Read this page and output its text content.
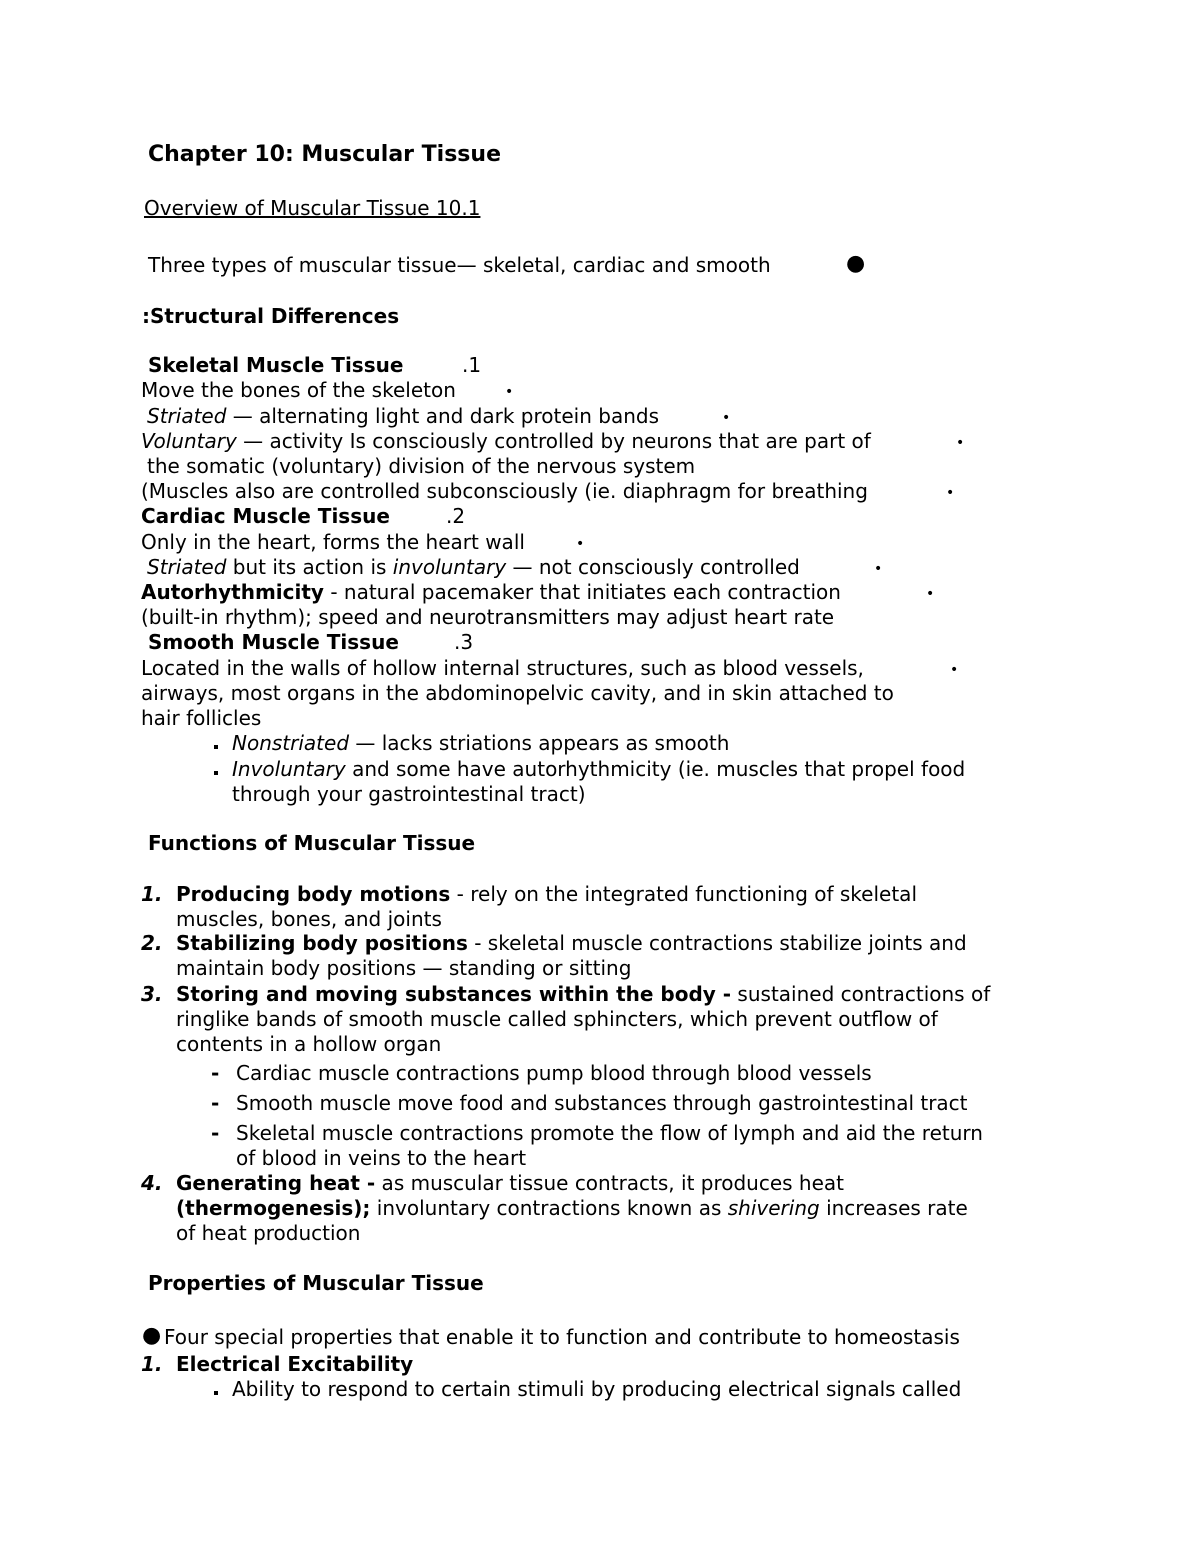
Chapter 10: Muscular Tissue
Overview of Muscular Tissue 10.1
Three types of muscular tissue— skeletal, cardiac and smooth	●
:Structural Differences
Skeletal Muscle Tissue	.1
Move the bones of the skeleton	•
Striated — alternating light and dark protein bands	•
Voluntary — activity Is consciously controlled by neurons that are part of	•
the somatic (voluntary) division of the nervous system
(Muscles also are controlled subconsciously (ie. diaphragm for breathing	•
Cardiac Muscle Tissue	.2
Only in the heart, forms the heart wall	•
Striated but its action is involuntary — not consciously controlled	•
Autorhythmicity - natural pacemaker that initiates each contraction	•
(built-in rhythm); speed and neurotransmitters may adjust heart rate
Smooth Muscle Tissue	.3
Located in the walls of hollow internal structures, such as blood vessels,	•
airways, most organs in the abdominopelvic cavity, and in skin attached to
hair follicles
Nonstriated — lacks striations appears as smooth
Involuntary and some have autorhythmicity (ie. muscles that propel food
through your gastrointestinal tract)
Functions of Muscular Tissue
1. Producing body motions - rely on the integrated functioning of skeletal
muscles, bones, and joints
2. Stabilizing body positions - skeletal muscle contractions stabilize joints and
maintain body positions — standing or sitting
3. Storing and moving substances within the body - sustained contractions of
ringlike bands of smooth muscle called sphincters, which prevent outflow of
contents in a hollow organ
- Cardiac muscle contractions pump blood through blood vessels
- Smooth muscle move food and substances through gastrointestinal tract
- Skeletal muscle contractions promote the flow of lymph and aid the return
of blood in veins to the heart
4. Generating heat - as muscular tissue contracts, it produces heat
(thermogenesis); involuntary contractions known as shivering increases rate
of heat production
Properties of Muscular Tissue
● Four special properties that enable it to function and contribute to homeostasis
1. Electrical Excitability
Ability to respond to certain stimuli by producing electrical signals called
